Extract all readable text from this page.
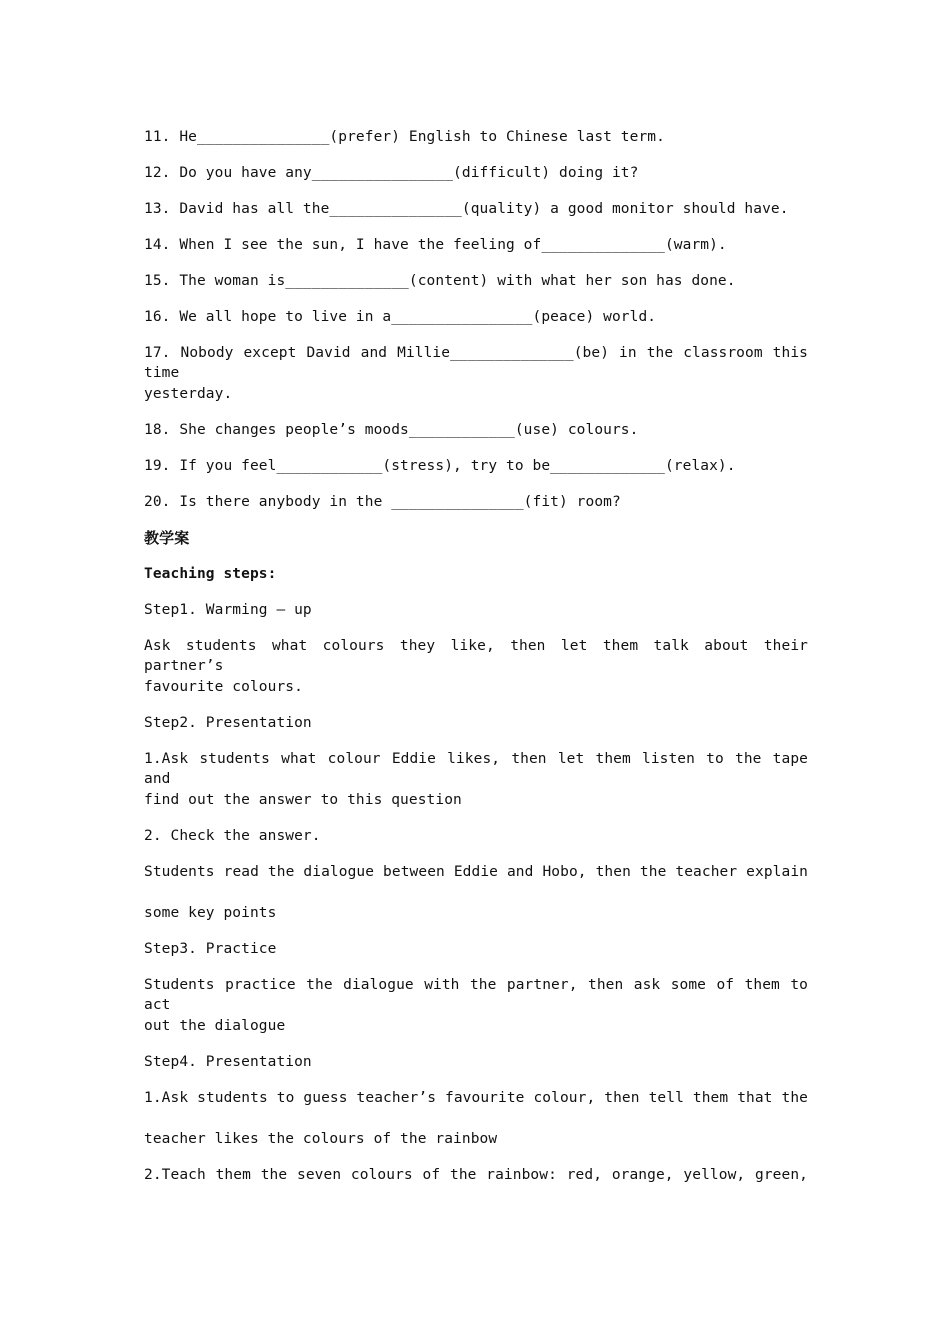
11. He_______________(prefer) English to Chinese last term.
12. Do you have any________________(difficult) doing it?
13. David has all the_______________(quality) a good monitor should have.
14. When I see the sun, I have the feeling of______________(warm).
15. The woman is______________(content) with what her son has done.
16. We all hope to live in a________________(peace) world.
17. Nobody except David and Millie______________(be) in the classroom this time
yesterday.
18. She changes people’s moods____________(use) colours.
19. If you feel____________(stress), try to be_____________(relax).
20. Is there anybody in the _______________(fit) room?
教学案
Teaching steps:
Step1. Warming – up
Ask students what colours they like, then let them talk about their partner’s
favourite colours.
Step2. Presentation
1.Ask students what colour Eddie likes, then let them listen to the tape and
find out the answer to this question
2. Check the answer.
Students read the dialogue between Eddie and Hobo, then the teacher explain
some key points
Step3. Practice
Students practice the dialogue with the partner, then ask some of them to act
out the dialogue
Step4. Presentation
1.Ask students to guess teacher’s favourite colour, then tell them that the
teacher likes the colours of the rainbow
2.Teach them the seven colours of the rainbow: red, orange, yellow, green,
